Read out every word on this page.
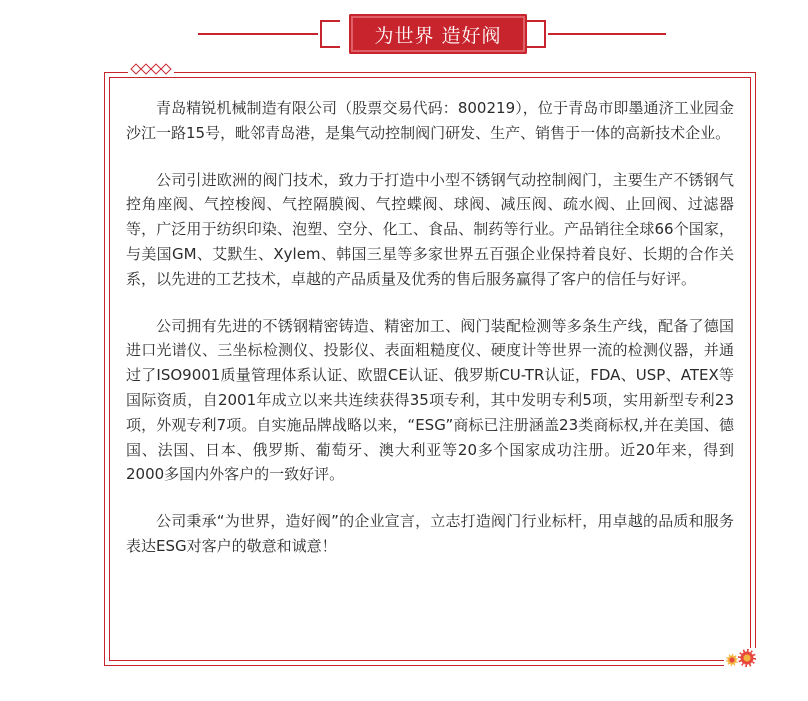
为世界 造好阀

青岛精锐机械制造有限公司（股票交易代码：800219），位于青岛市即墨通济工业园金沙江一路15号，毗邻青岛港，是集气动控制阀门研发、生产、销售于一体的高新技术企业。

公司引进欧洲的阀门技术，致力于打造中小型不锈钢气动控制阀门，主要生产不锈钢气控角座阀、气控梭阀、气控隔膜阀、气控蝶阀、球阀、减压阀、疏水阀、止回阀、过滤器等，广泛用于纺织印染、泡塑、空分、化工、食品、制药等行业。产品销往全球66个国家，与美国GM、艾默生、Xylem、韩国三星等多家世界五百强企业保持着良好、长期的合作关系，以先进的工艺技术，卓越的产品质量及优秀的售后服务赢得了客户的信任与好评。

公司拥有先进的不锈钢精密铸造、精密加工、阀门装配检测等多条生产线，配备了德国进口光谱仪、三坐标检测仪、投影仪、表面粗糙度仪、硬度计等世界一流的检测仪器，并通过了ISO9001质量管理体系认证、欧盟CE认证、俄罗斯CU-TR认证，FDA、USP、ATEX等国际资质，自2001年成立以来共连续获得35项专利，其中发明专利5项，实用新型专利23项，外观专利7项。自实施品牌战略以来，“ESG”商标已注册涵盖23类商标权,并在美国、德国、法国、日本、俄罗斯、葡萄牙、澳大利亚等20多个国家成功注册。近20年来，得到2000多国内外客户的一致好评。

公司秉承“为世界，造好阀”的企业宣言，立志打造阀门行业标杆，用卓越的品质和服务表达ESG对客户的敬意和诚意！
